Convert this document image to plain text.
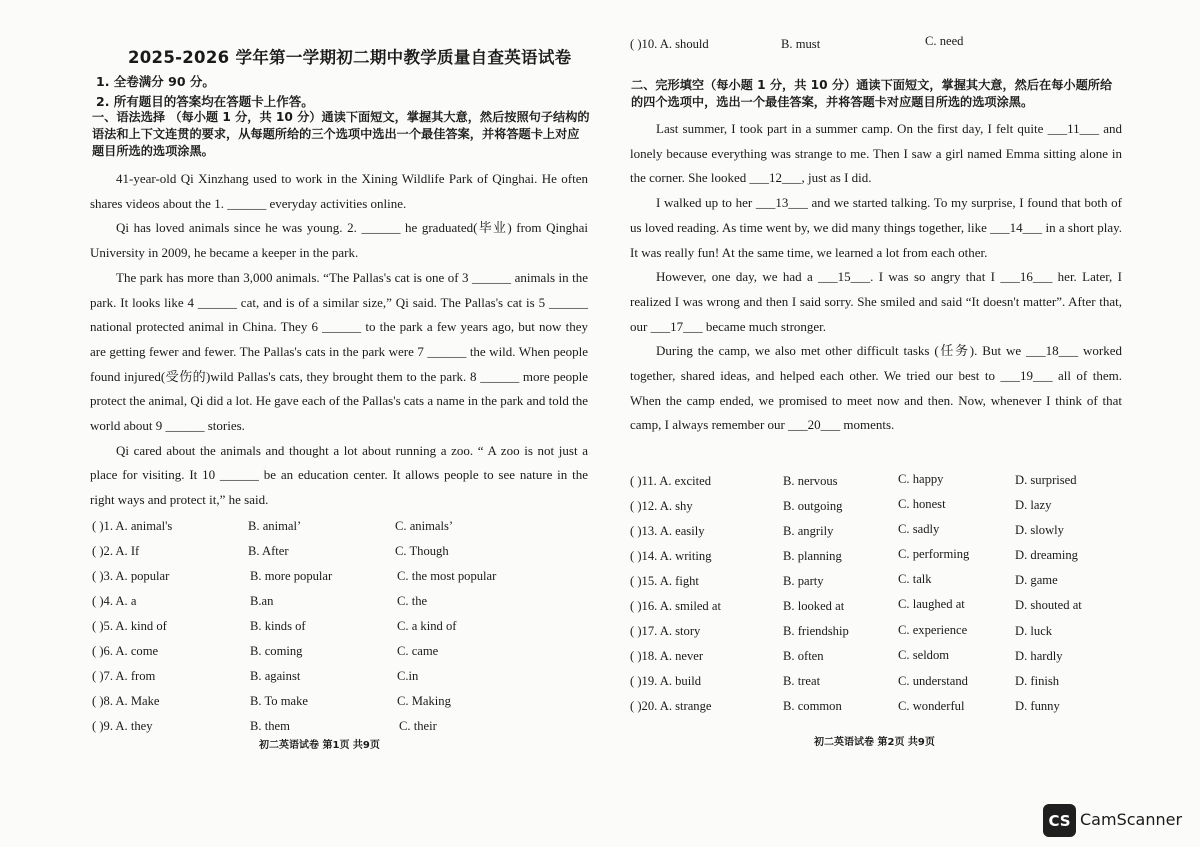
2025-2026 学年第一学期初二期中教学质量自查英语试卷
1. 全卷满分 90 分。
2. 所有题目的答案均在答题卡上作答。
一、语法选择 （每小题 1 分，共 10 分）通读下面短文，掌握其大意，然后按照句子结构的语法和上下文连贯的要求，从每题所给的三个选项中选出一个最佳答案，并将答题卡上对应题目所选的选项涂黑。

41-year-old Qi Xinzhang used to work in the Xining Wildlife Park of Qinghai. He often shares videos about the 1. ______ everyday activities online.

Qi has loved animals since he was young. 2. ______ he graduated(毕业) from Qinghai University in 2009, he became a keeper in the park.

The park has more than 3,000 animals. “The Pallas's cat is one of 3 ______ animals in the park. It looks like 4 ______ cat, and is of a similar size,” Qi said. The Pallas's cat is 5 ______ national protected animal in China. They 6 ______ to the park a few years ago, but now they are getting fewer and fewer. The Pallas's cats in the park were 7 ______ the wild. When people found injured(受伤的)wild Pallas's cats, they brought them to the park. 8 ______ more people protect the animal, Qi did a lot. He gave each of the Pallas's cats a name in the park and told the world about 9 ______ stories.

Qi cared about the animals and thought a lot about running a zoo. “ A zoo is not just a place for visiting. It 10 ______ be an education center. It allows people to see nature in the right ways and protect it,” he said.

( )1. A. animal's	B. animal’	C. animals’
( )2. A. If	B. After	C. Though
( )3. A. popular	B. more popular	C. the most popular
( )4. A. a	B.an	C. the
( )5. A. kind of	B. kinds of	C. a kind of
( )6. A. come	B. coming	C. came
( )7. A. from	B. against	C.in
( )8. A. Make	B. To make	C. Making
( )9. A. they	B. them	C. their
初二英语试卷 第1页 共9页
( )10. A. should	B. must	C. need
二、完形填空（每小题 1 分，共 10 分）通读下面短文，掌握其大意，然后在每小题所给的四个选项中，选出一个最佳答案，并将答题卡对应题目所选的选项涂黑。

Last summer, I took part in a summer camp. On the first day, I felt quite ___11___ and lonely because everything was strange to me. Then I saw a girl named Emma sitting alone in the corner. She looked ___12___, just as I did.

I walked up to her ___13___ and we started talking. To my surprise, I found that both of us loved reading. As time went by, we did many things together, like ___14___ in a short play. It was really fun! At the same time, we learned a lot from each other.

However, one day, we had a ___15___. I was so angry that I ___16___ her. Later, I realized I was wrong and then I said sorry. She smiled and said “It doesn't matter”. After that, our ___17___ became much stronger.

During the camp, we also met other difficult tasks (任务). But we ___18___ worked together, shared ideas, and helped each other. We tried our best to ___19___ all of them. When the camp ended, we promised to meet now and then. Now, whenever I think of that camp, I always remember our ___20___ moments.

( )11. A. excited	B. nervous	C. happy	D. surprised
( )12. A. shy	B. outgoing	C. honest	D. lazy
( )13. A. easily	B. angrily	C. sadly	D. slowly
( )14. A. writing	B. planning	C. performing	D. dreaming
( )15. A. fight	B. party	C. talk	D. game
( )16. A. smiled at	B. looked at	C. laughed at	D. shouted at
( )17. A. story	B. friendship	C. experience	D. luck
( )18. A. never	B. often	C. seldom	D. hardly
( )19. A. build	B. treat	C. understand	D. finish
( )20. A. strange	B. common	C. wonderful	D. funny
初二英语试卷 第2页 共9页
CS CamScanner
